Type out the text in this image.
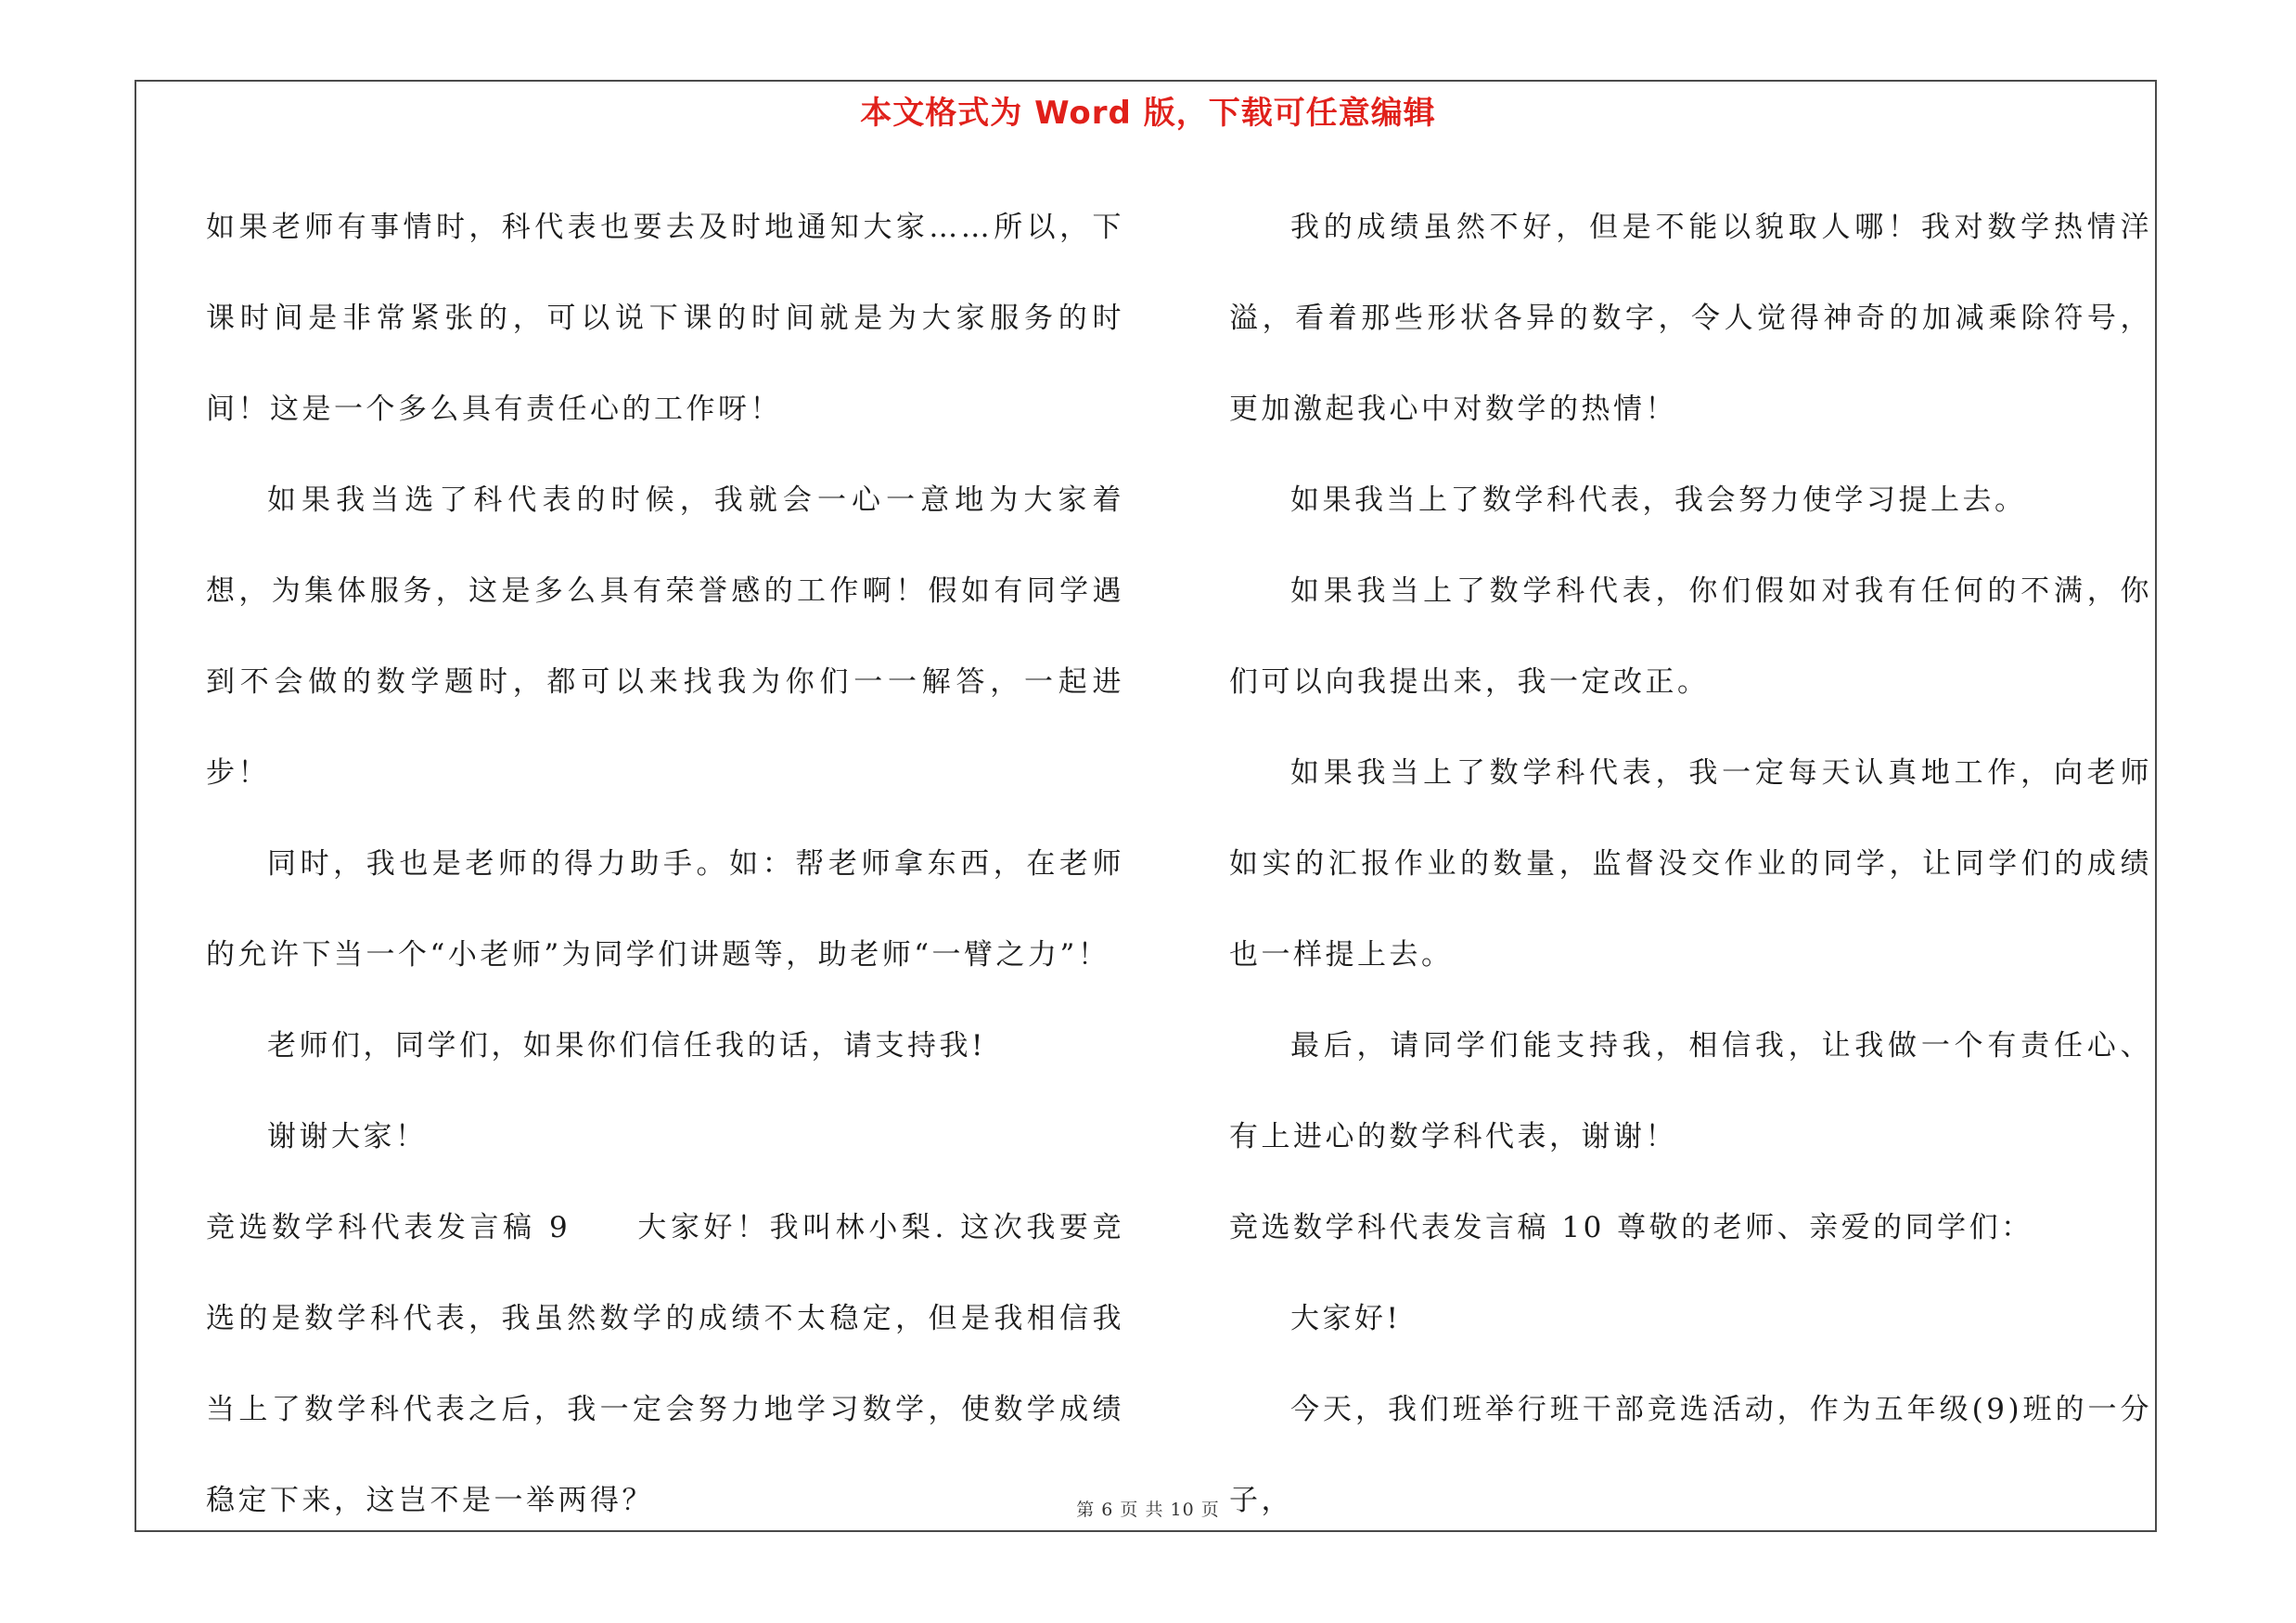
本文格式为 Word 版，下载可任意编辑

如果老师有事情时，科代表也要去及时地通知大家……所以，下课时间是非常紧张的，可以说下课的时间就是为大家服务的时间！这是一个多么具有责任心的工作呀！

如果我当选了科代表的时候，我就会一心一意地为大家着想，为集体服务，这是多么具有荣誉感的工作啊！假如有同学遇到不会做的数学题时，都可以来找我为你们一一解答，一起进步！

同时，我也是老师的得力助手。如：帮老师拿东西，在老师的允许下当一个“小老师”为同学们讲题等，助老师“一臂之力”！

老师们，同学们，如果你们信任我的话，请支持我!

谢谢大家！

竞选数学科代表发言稿 9　　大家好！我叫林小梨. 这次我要竞选的是数学科代表，我虽然数学的成绩不太稳定，但是我相信我当上了数学科代表之后，我一定会努力地学习数学，使数学成绩稳定下来，这岂不是一举两得？

我的成绩虽然不好，但是不能以貌取人哪！我对数学热情洋溢，看着那些形状各异的数字，令人觉得神奇的加减乘除符号，更加激起我心中对数学的热情！

如果我当上了数学科代表，我会努力使学习提上去。

如果我当上了数学科代表，你们假如对我有任何的不满，你们可以向我提出来，我一定改正。

如果我当上了数学科代表，我一定每天认真地工作，向老师如实的汇报作业的数量，监督没交作业的同学，让同学们的成绩也一样提上去。

最后，请同学们能支持我，相信我，让我做一个有责任心、有上进心的数学科代表，谢谢！

竞选数学科代表发言稿 10 尊敬的老师、亲爱的同学们：

大家好!

今天，我们班举行班干部竞选活动，作为五年级(9)班的一分子，

第 6 页 共 10 页
